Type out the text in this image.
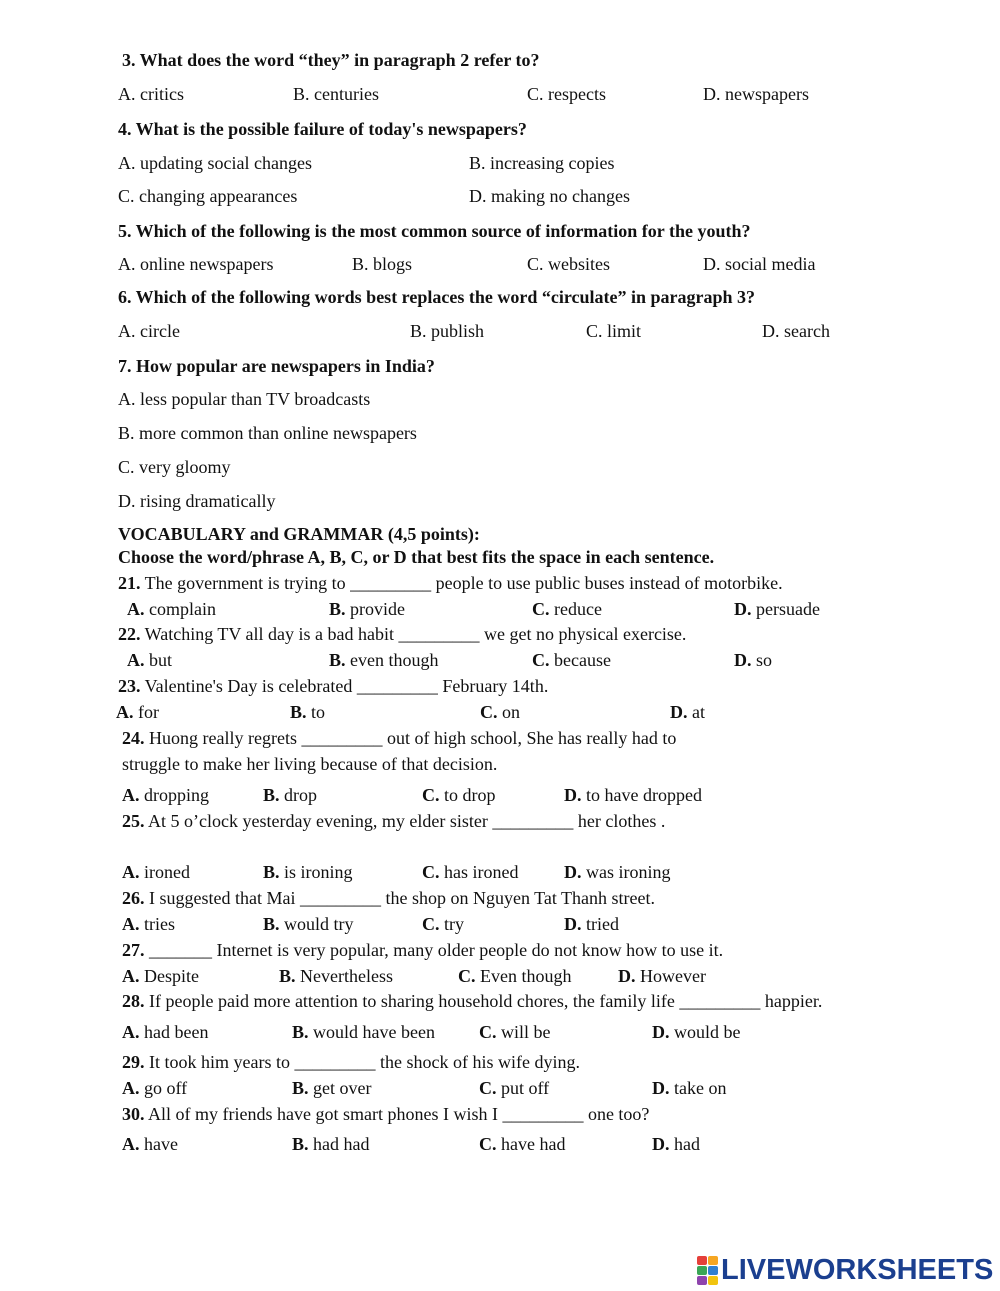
3. What does the word “they” in paragraph 2 refer to?
A. critics	B. centuries	C. respects	D. newspapers
4. What is the possible failure of today's newspapers?
A. updating social changes	B. increasing copies
C. changing appearances	D. making no changes
5. Which of the following is the most common source of information for the youth?
A. online newspapers	B. blogs	C. websites	D. social media
6. Which of the following words best replaces the word “circulate” in paragraph 3?
A. circle	B. publish	C. limit	D. search
7. How popular are newspapers in India?
A. less popular than TV broadcasts
B. more common than online newspapers
C. very gloomy
D. rising dramatically
VOCABULARY and GRAMMAR (4,5 points):
Choose the word/phrase A, B, C, or D that best fits the space in each sentence.
21. The government is trying to _________ people to use public buses instead of motorbike.
A. complain	B. provide	C. reduce	D. persuade
22. Watching TV all day is a bad habit _________ we get no physical exercise.
A. but	B. even though	C. because	D. so
23. Valentine's Day is celebrated _________ February 14th.
A. for	B. to	C. on	D. at
24. Huong really regrets _________ out of high school, She has really had to
struggle to make her living because of that decision.
A. dropping	B. drop	C. to drop	D. to have dropped
25. At 5 o’clock yesterday evening, my elder sister _________ her clothes .
A. ironed	B. is ironing	C. has ironed	D. was ironing
26. I suggested that Mai _________ the shop on Nguyen Tat Thanh street.
A. tries	B. would try	C. try	D. tried
27. _______ Internet is very popular, many older people do not know how to use it.
A. Despite	B. Nevertheless	C. Even though	D. However
28. If people paid more attention to sharing household chores, the family life _________ happier.
A. had been	B. would have been C. will be	D. would be
29. It took him years to _________ the shock of his wife dying.
A. go off	B. get over	C. put off	D. take on
30. All of my friends have got smart phones I wish I _________ one too?
A. have	B. had had	C. have had	D. had
LIVEWORKSHEETS
